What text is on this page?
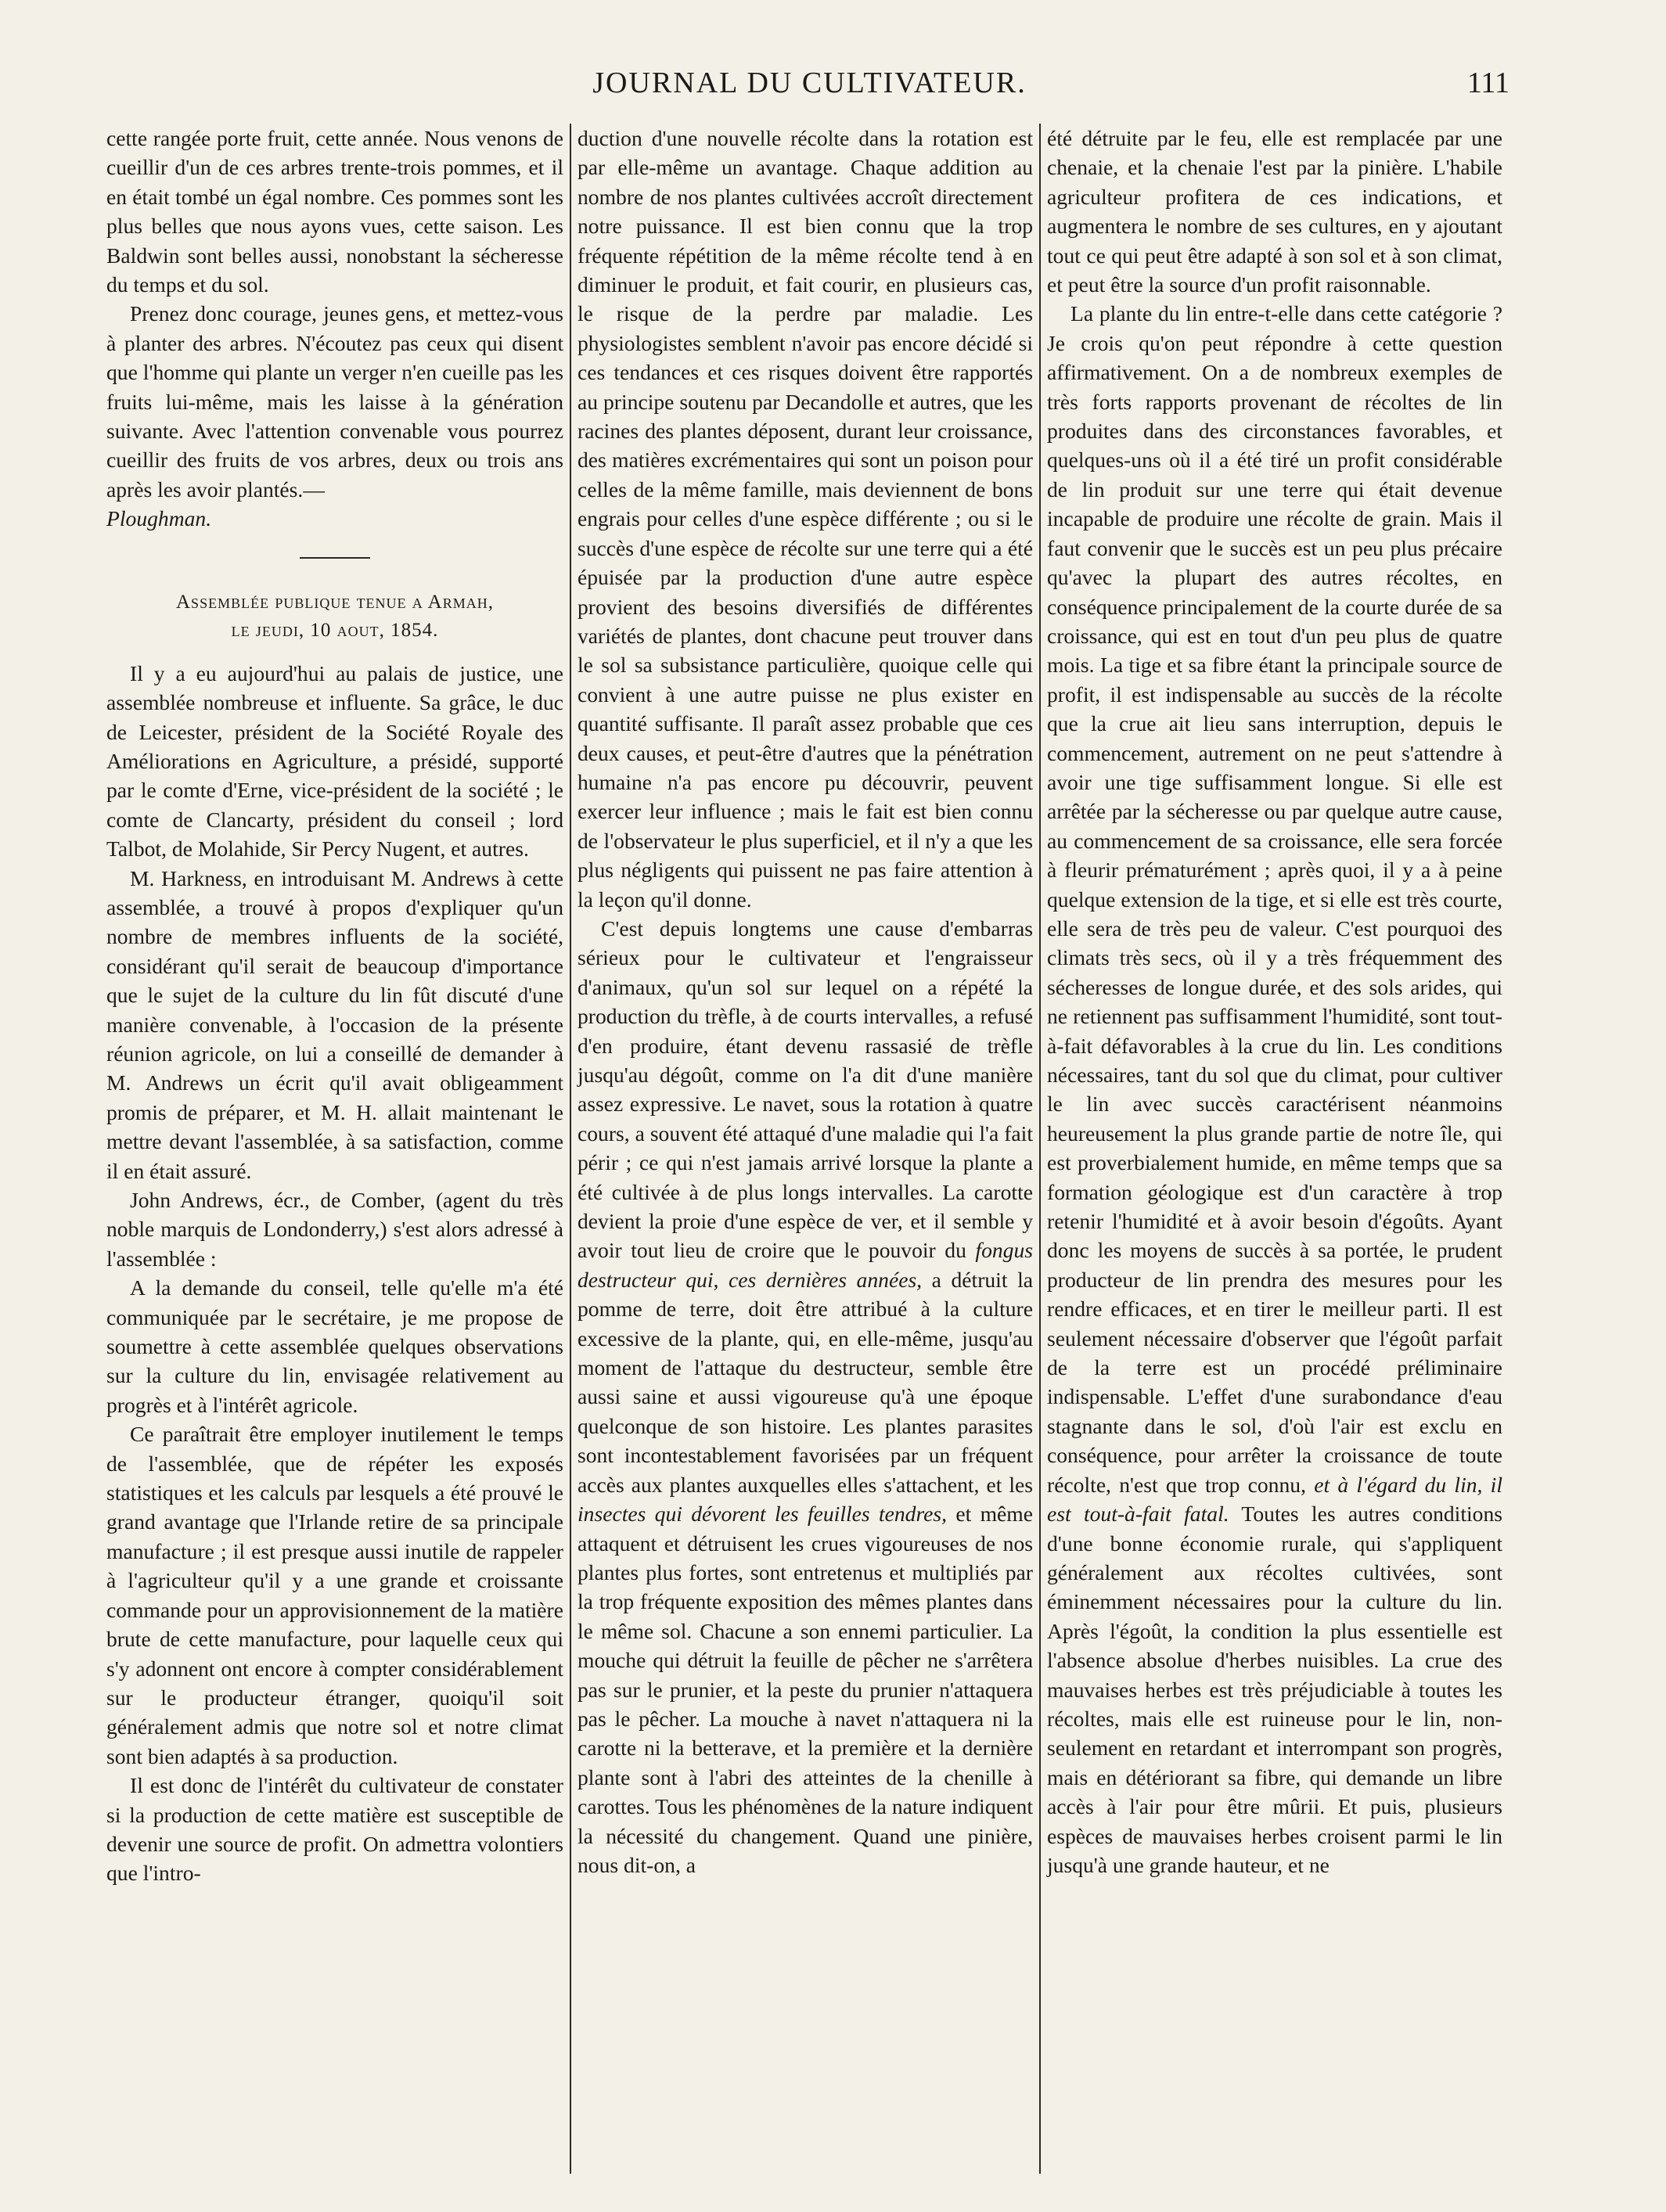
JOURNAL DU CULTIVATEUR.	111

cette rangée porte fruit, cette année. Nous venons de cueillir d'un de ces arbres trente-trois pommes, et il en était tombé un égal nombre. Ces pommes sont les plus belles que nous ayons vues, cette saison. Les Baldwin sont belles aussi, nonobstant la sécheresse du temps et du sol.

Prenez donc courage, jeunes gens, et mettez-vous à planter des arbres. N'écoutez pas ceux qui disent que l'homme qui plante un verger n'en cueille pas les fruits lui-même, mais les laisse à la génération suivante. Avec l'attention convenable vous pourrez cueillir des fruits de vos arbres, deux ou trois ans après les avoir plantés.—

Ploughman.

Assemblée publique tenue a Armah,
le jeudi, 10 aout, 1854.

Il y a eu aujourd'hui au palais de justice, une assemblée nombreuse et influente. Sa grâce, le duc de Leicester, président de la Société Royale des Améliorations en Agriculture, a présidé, supporté par le comte d'Erne, vice-président de la société ; le comte de Clancarty, président du conseil ; lord Talbot, de Molahide, Sir Percy Nugent, et autres.

M. Harkness, en introduisant M. Andrews à cette assemblée, a trouvé à propos d'expliquer qu'un nombre de membres influents de la société, considérant qu'il serait de beaucoup d'importance que le sujet de la culture du lin fût discuté d'une manière convenable, à l'occasion de la présente réunion agricole, on lui a conseillé de demander à M. Andrews un écrit qu'il avait obligeamment promis de préparer, et M. H. allait maintenant le mettre devant l'assemblée, à sa satisfaction, comme il en était assuré.

John Andrews, écr., de Comber, (agent du très noble marquis de Londonderry,) s'est alors adressé à l'assemblée :

A la demande du conseil, telle qu'elle m'a été communiquée par le secrétaire, je me propose de soumettre à cette assemblée quelques observations sur la culture du lin, envisagée relativement au progrès et à l'intérêt agricole.

Ce paraîtrait être employer inutilement le temps de l'assemblée, que de répéter les exposés statistiques et les calculs par lesquels a été prouvé le grand avantage que l'Irlande retire de sa principale manufacture ; il est presque aussi inutile de rappeler à l'agriculteur qu'il y a une grande et croissante commande pour un approvisionnement de la matière brute de cette manufacture, pour laquelle ceux qui s'y adonnent ont encore à compter considérablement sur le producteur étranger, quoiqu'il soit généralement admis que notre sol et notre climat sont bien adaptés à sa production.

Il est donc de l'intérêt du cultivateur de constater si la production de cette matière est susceptible de devenir une source de profit. On admettra volontiers que l'intro-

duction d'une nouvelle récolte dans la rotation est par elle-même un avantage. Chaque addition au nombre de nos plantes cultivées accroît directement notre puissance. Il est bien connu que la trop fréquente répétition de la même récolte tend à en diminuer le produit, et fait courir, en plusieurs cas, le risque de la perdre par maladie. Les physiologistes semblent n'avoir pas encore décidé si ces tendances et ces risques doivent être rapportés au principe soutenu par Decandolle et autres, que les racines des plantes déposent, durant leur croissance, des matières excrémentaires qui sont un poison pour celles de la même famille, mais deviennent de bons engrais pour celles d'une espèce différente ; ou si le succès d'une espèce de récolte sur une terre qui a été épuisée par la production d'une autre espèce provient des besoins diversifiés de différentes variétés de plantes, dont chacune peut trouver dans le sol sa subsistance particulière, quoique celle qui convient à une autre puisse ne plus exister en quantité suffisante. Il paraît assez probable que ces deux causes, et peut-être d'autres que la pénétration humaine n'a pas encore pu découvrir, peuvent exercer leur influence ; mais le fait est bien connu de l'observateur le plus superficiel, et il n'y a que les plus négligents qui puissent ne pas faire attention à la leçon qu'il donne.

C'est depuis longtems une cause d'embarras sérieux pour le cultivateur et l'engraisseur d'animaux, qu'un sol sur lequel on a répété la production du trèfle, à de courts intervalles, a refusé d'en produire, étant devenu rassasié de trèfle jusqu'au dégoût, comme on l'a dit d'une manière assez expressive. Le navet, sous la rotation à quatre cours, a souvent été attaqué d'une maladie qui l'a fait périr ; ce qui n'est jamais arrivé lorsque la plante a été cultivée à de plus longs intervalles. La carotte devient la proie d'une espèce de ver, et il semble y avoir tout lieu de croire que le pouvoir du fongus destructeur qui, ces dernières années, a détruit la pomme de terre, doit être attribué à la culture excessive de la plante, qui, en elle-même, jusqu'au moment de l'attaque du destructeur, semble être aussi saine et aussi vigoureuse qu'à une époque quelconque de son histoire. Les plantes parasites sont incontestablement favorisées par un fréquent accès aux plantes auxquelles elles s'attachent, et les insectes qui dévorent les feuilles tendres, et même attaquent et détruisent les crues vigoureuses de nos plantes plus fortes, sont entretenus et multipliés par la trop fréquente exposition des mêmes plantes dans le même sol. Chacune a son ennemi particulier. La mouche qui détruit la feuille de pêcher ne s'arrêtera pas sur le prunier, et la peste du prunier n'attaquera pas le pêcher. La mouche à navet n'attaquera ni la carotte ni la betterave, et la première et la dernière plante sont à l'abri des atteintes de la chenille à carottes. Tous les phénomènes de la nature indiquent la nécessité du changement. Quand une pinière, nous dit-on, a

été détruite par le feu, elle est remplacée par une chenaie, et la chenaie l'est par la pinière. L'habile agriculteur profitera de ces indications, et augmentera le nombre de ses cultures, en y ajoutant tout ce qui peut être adapté à son sol et à son climat, et peut être la source d'un profit raisonnable.

La plante du lin entre-t-elle dans cette catégorie ? Je crois qu'on peut répondre à cette question affirmativement. On a de nombreux exemples de très forts rapports provenant de récoltes de lin produites dans des circonstances favorables, et quelques-uns où il a été tiré un profit considérable de lin produit sur une terre qui était devenue incapable de produire une récolte de grain. Mais il faut convenir que le succès est un peu plus précaire qu'avec la plupart des autres récoltes, en conséquence principalement de la courte durée de sa croissance, qui est en tout d'un peu plus de quatre mois. La tige et sa fibre étant la principale source de profit, il est indispensable au succès de la récolte que la crue ait lieu sans interruption, depuis le commencement, autrement on ne peut s'attendre à avoir une tige suffisamment longue. Si elle est arrêtée par la sécheresse ou par quelque autre cause, au commencement de sa croissance, elle sera forcée à fleurir prématurément ; après quoi, il y a à peine quelque extension de la tige, et si elle est très courte, elle sera de très peu de valeur. C'est pourquoi des climats très secs, où il y a très fréquemment des sécheresses de longue durée, et des sols arides, qui ne retiennent pas suffisamment l'humidité, sont tout-à-fait défavorables à la crue du lin. Les conditions nécessaires, tant du sol que du climat, pour cultiver le lin avec succès caractérisent néanmoins heureusement la plus grande partie de notre île, qui est proverbialement humide, en même temps que sa formation géologique est d'un caractère à trop retenir l'humidité et à avoir besoin d'égoûts. Ayant donc les moyens de succès à sa portée, le prudent producteur de lin prendra des mesures pour les rendre efficaces, et en tirer le meilleur parti. Il est seulement nécessaire d'observer que l'égoût parfait de la terre est un procédé préliminaire indispensable. L'effet d'une surabondance d'eau stagnante dans le sol, d'où l'air est exclu en conséquence, pour arrêter la croissance de toute récolte, n'est que trop connu, et à l'égard du lin, il est tout-à-fait fatal. Toutes les autres conditions d'une bonne économie rurale, qui s'appliquent généralement aux récoltes cultivées, sont éminemment nécessaires pour la culture du lin. Après l'égoût, la condition la plus essentielle est l'absence absolue d'herbes nuisibles. La crue des mauvaises herbes est très préjudiciable à toutes les récoltes, mais elle est ruineuse pour le lin, non-seulement en retardant et interrompant son progrès, mais en détériorant sa fibre, qui demande un libre accès à l'air pour être mûrii. Et puis, plusieurs espèces de mauvaises herbes croisent parmi le lin jusqu'à une grande hauteur, et ne
